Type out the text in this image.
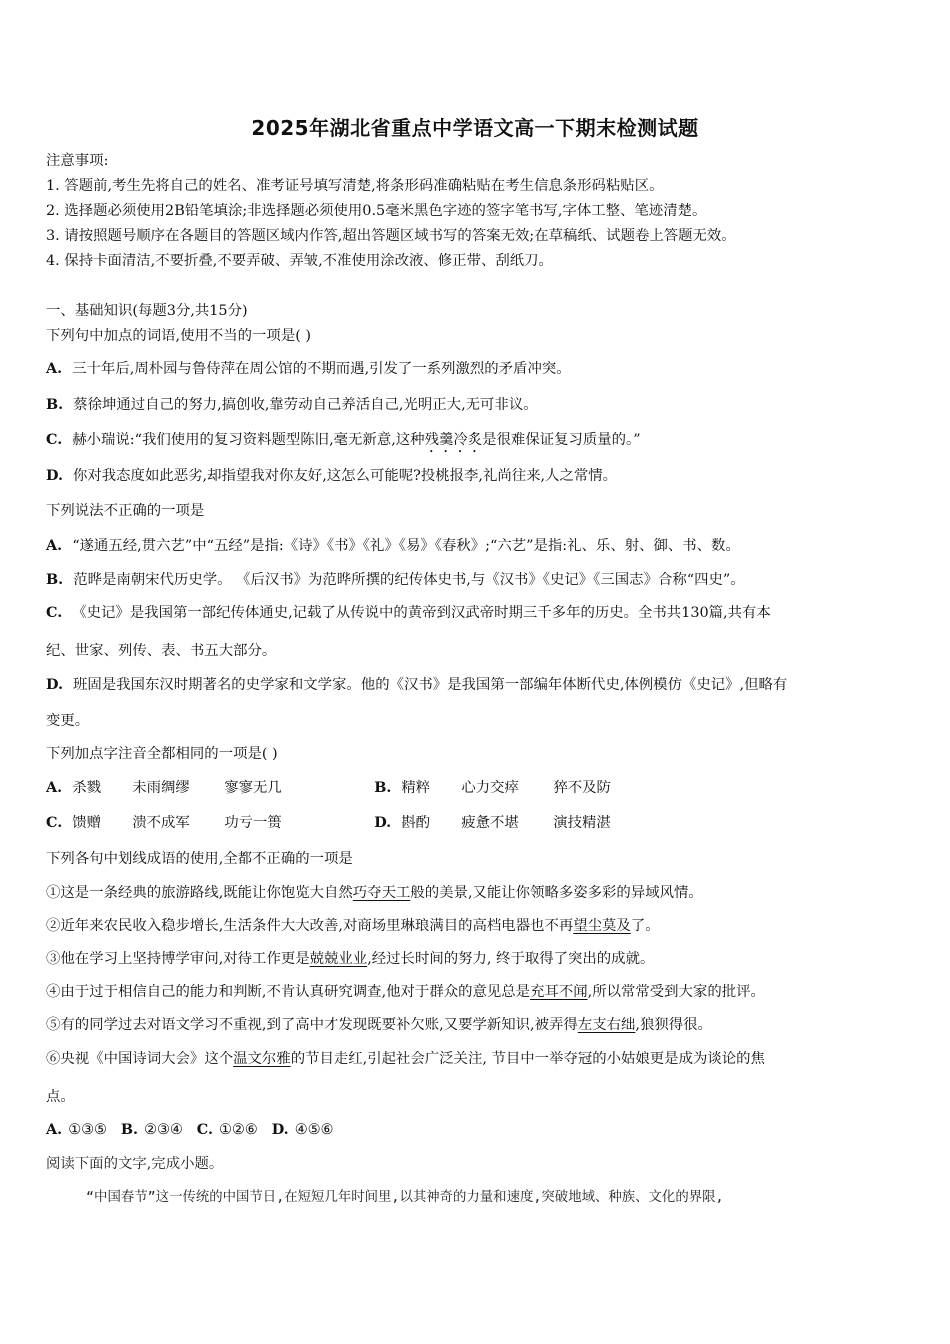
2025年湖北省重点中学语文高一下期末检测试题
注意事项:
1. 答题前,考生先将自己的姓名、准考证号填写清楚,将条形码准确粘贴在考生信息条形码粘贴区。
2. 选择题必须使用2B铅笔填涂;非选择题必须使用0.5毫米黑色字迹的签字笔书写,字体工整、笔迹清楚。
3. 请按照题号顺序在各题目的答题区域内作答,超出答题区域书写的答案无效;在草稿纸、试题卷上答题无效。
4. 保持卡面清洁,不要折叠,不要弄破、弄皱,不准使用涂改液、修正带、刮纸刀。
一、基础知识(每题3分,共15分)
下列句中加点的词语,使用不当的一项是( )
A. 三十年后,周朴园与鲁侍萍在周公馆的不期而遇,引发了一系列激烈的矛盾冲突。
B. 蔡徐坤通过自己的努力,搞创收,靠劳动自己养活自己,光明正大,无可非议。
C. 赫小瑞说:“我们使用的复习资料题型陈旧,毫无新意,这种残羹冷炙是很难保证复习质量的。”
D. 你对我态度如此恶劣,却指望我对你友好,这怎么可能呢?投桃报李,礼尚往来,人之常情。
下列说法不正确的一项是
A. “遂通五经,贯六艺”中“五经”是指:《诗》《书》《礼》《易》《春秋》;“六艺”是指:礼、乐、射、御、书、数。
B. 范晔是南朝宋代历史学。 《后汉书》为范晔所撰的纪传体史书,与《汉书》《史记》《三国志》合称“四史”。
C. 《史记》是我国第一部纪传体通史,记载了从传说中的黄帝到汉武帝时期三千多年的历史。全书共130篇,共有本
纪、世家、列传、表、书五大部分。
D. 班固是我国东汉时期著名的史学家和文学家。他的《汉书》是我国第一部编年体断代史,体例模仿《史记》,但略有
变更。
下列加点字注音全都相同的一项是( )
A. 杀戮 未雨绸缪 寥寥无几	B. 精粹 心力交瘁 猝不及防
C. 馈赠 溃不成军 功亏一篑	D. 斟酌 疲惫不堪 演技精湛
下列各句中划线成语的使用,全都不正确的一项是
①这是一条经典的旅游路线,既能让你饱览大自然巧夺天工般的美景,又能让你领略多姿多彩的异域风情。
②近年来农民收入稳步增长,生活条件大大改善,对商场里琳琅满目的高档电器也不再望尘莫及了。
③他在学习上坚持博学审问,对待工作更是兢兢业业,经过长时间的努力, 终于取得了突出的成就。
④由于过于相信自己的能力和判断,不肯认真研究调查,他对于群众的意见总是充耳不闻,所以常常受到大家的批评。
⑤有的同学过去对语文学习不重视,到了高中才发现既要补欠账,又要学新知识,被弄得左支右绌,狼狈得很。
⑥央视《中国诗词大会》这个温文尔雅的节目走红,引起社会广泛关注, 节目中一举夺冠的小姑娘更是成为谈论的焦
点。
A. ①③⑤ B. ②③④ C. ①②⑥ D. ④⑤⑥
阅读下面的文字,完成小题。
“中国春节”这一传统的中国节日,在短短几年时间里,以其神奇的力量和速度,突破地域、种族、文化的界限,
